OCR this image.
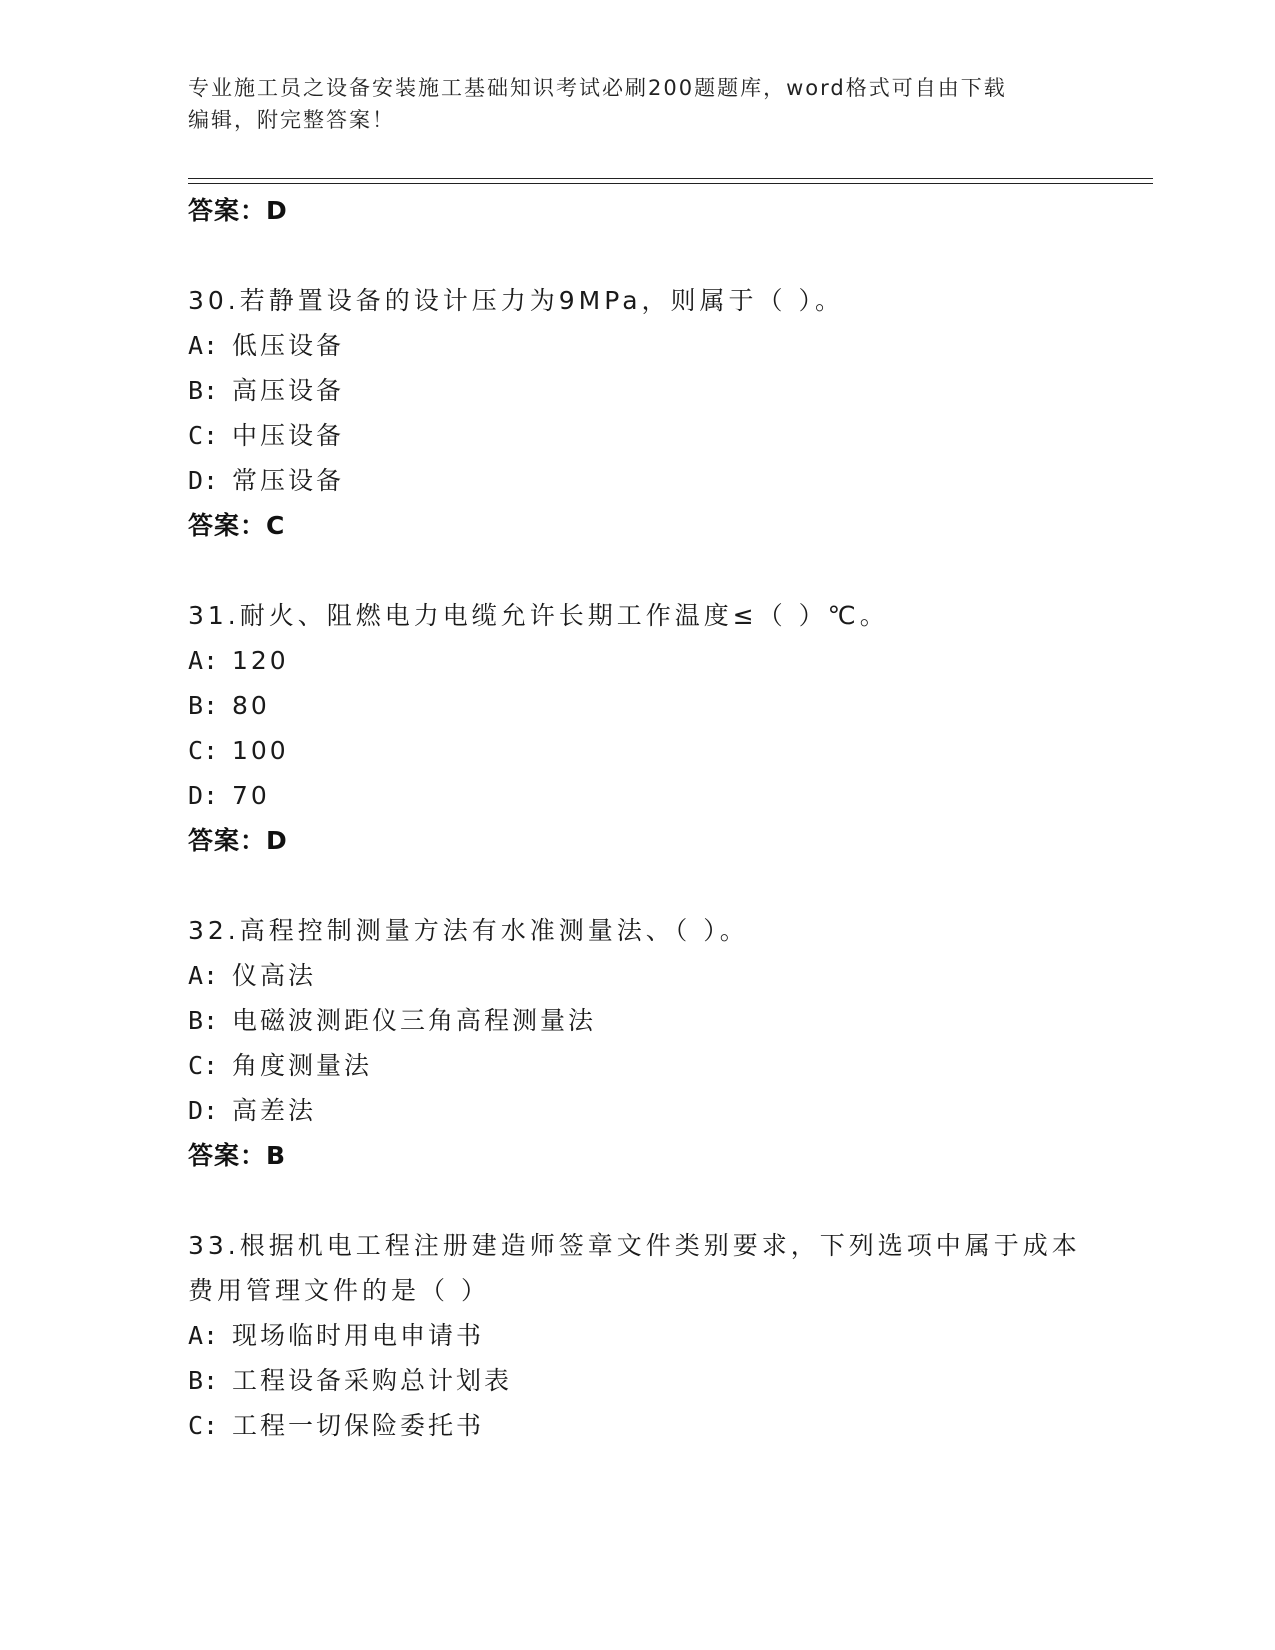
专业施工员之设备安装施工基础知识考试必刷200题题库，word格式可自由下载
编辑，附完整答案！
答案：D
30.若静置设备的设计压力为9MPa，则属于（ ）。
A: 低压设备
B: 高压设备
C: 中压设备
D: 常压设备
答案：C
31.耐火、阻燃电力电缆允许长期工作温度≤（ ）℃。
A: 120
B: 80
C: 100
D: 70
答案：D
32.高程控制测量方法有水准测量法、（ ）。
A: 仪高法
B: 电磁波测距仪三角高程测量法
C: 角度测量法
D: 高差法
答案：B
33.根据机电工程注册建造师签章文件类别要求，下列选项中属于成本
费用管理文件的是（ ）
A: 现场临时用电申请书
B: 工程设备采购总计划表
C: 工程一切保险委托书
